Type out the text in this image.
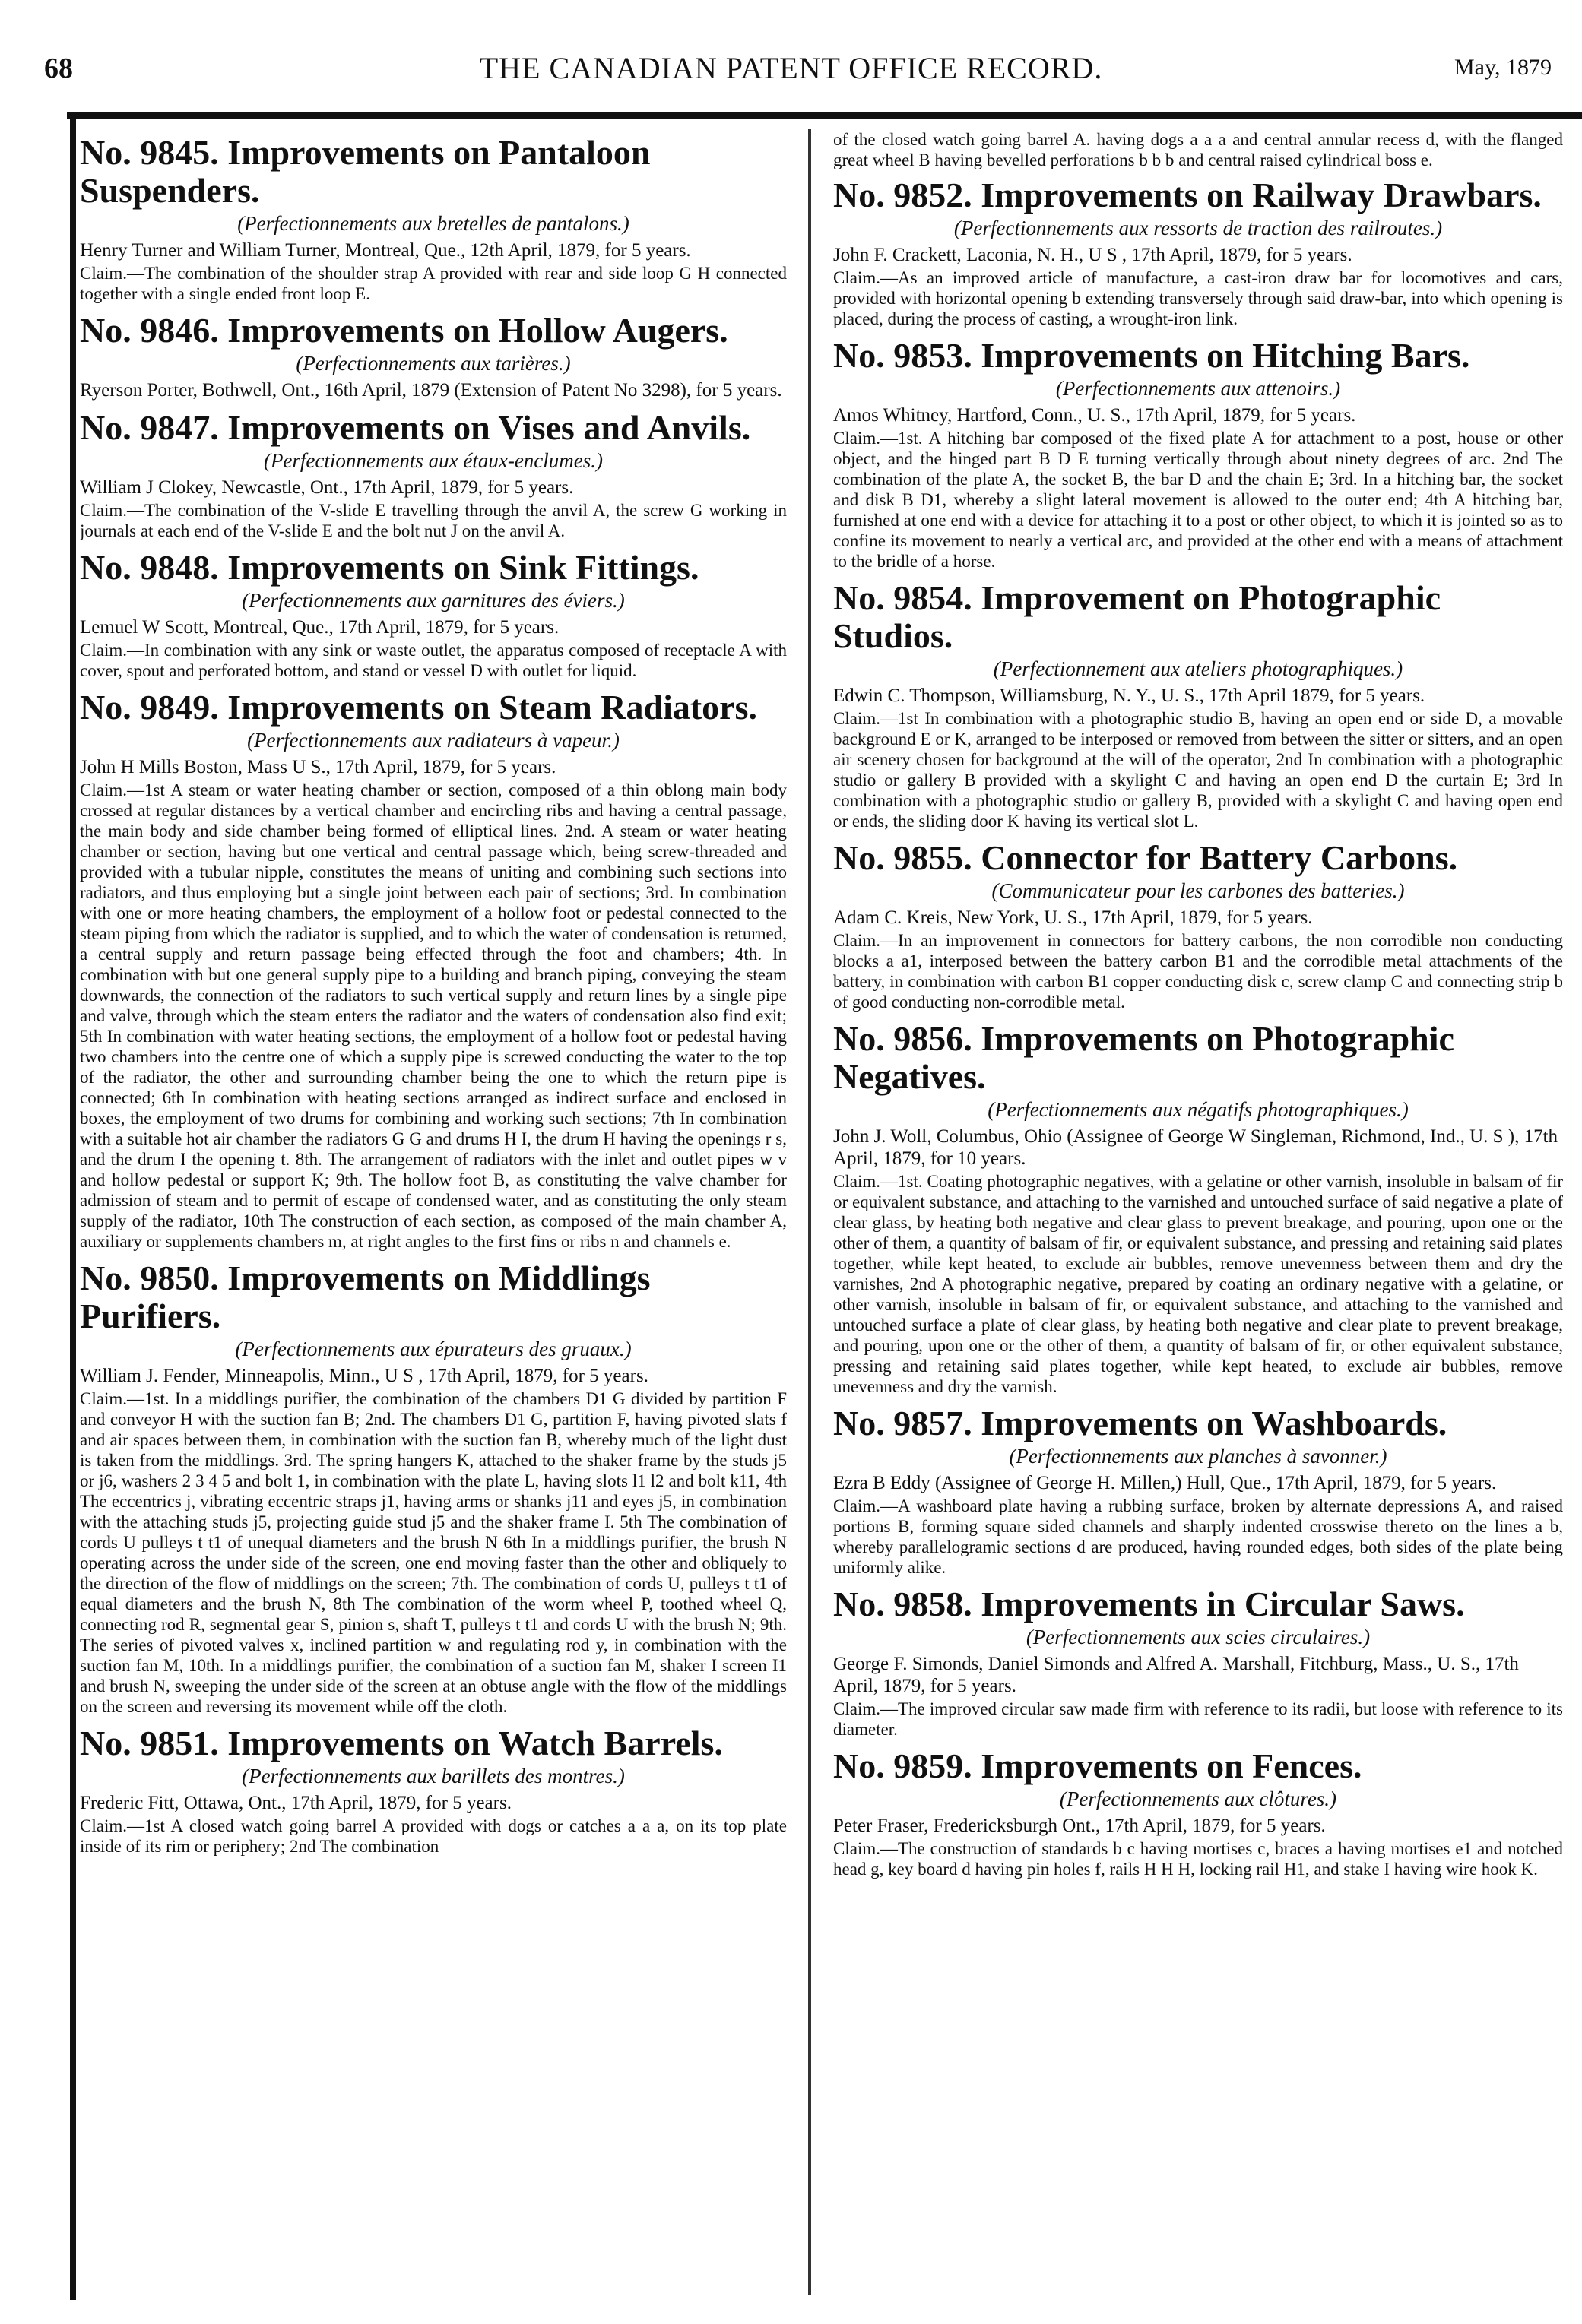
68	THE CANADIAN PATENT OFFICE RECORD.	May, 1879
No. 9845. Improvements on Pantaloon Suspenders.
(Perfectionnements aux bretelles de pantalons.)
Henry Turner and William Turner, Montreal, Que., 12th April, 1879, for 5 years.
Claim.—The combination of the shoulder strap A provided with rear and side loop G H connected together with a single ended front loop E.
No. 9846. Improvements on Hollow Augers.
(Perfectionnements aux tarières.)
Ryerson Porter, Bothwell, Ont., 16th April, 1879 (Extension of Patent No 3298), for 5 years.
No. 9847. Improvements on Vises and Anvils.
(Perfectionnements aux étaux-enclumes.)
William J Clokey, Newcastle, Ont., 17th April, 1879, for 5 years.
Claim.—The combination of the V-slide E travelling through the anvil A, the screw G working in journals at each end of the V-slide E and the bolt nut J on the anvil A.
No. 9848. Improvements on Sink Fittings.
(Perfectionnements aux garnitures des éviers.)
Lemuel W Scott, Montreal, Que., 17th April, 1879, for 5 years.
Claim.—In combination with any sink or waste outlet, the apparatus composed of receptacle A with cover, spout and perforated bottom, and stand or vessel D with outlet for liquid.
No. 9849. Improvements on Steam Radiators.
(Perfectionnements aux radiateurs à vapeur.)
John H Mills Boston, Mass U S., 17th April, 1879, for 5 years.
Claim.—1st A steam or water heating chamber or section, composed of a thin oblong main body crossed at regular distances by a vertical chamber and encircling ribs and having a central passage, the main body and side chamber being formed of elliptical lines. 2nd. A steam or water heating chamber or section, having but one vertical and central passage which, being screw-threaded and provided with a tubular nipple, constitutes the means of uniting and combining such sections into radiators, and thus employing but a single joint between each pair of sections; 3rd. In combination with one or more heating chambers, the employment of a hollow foot or pedestal connected to the steam piping from which the radiator is supplied, and to which the water of condensation is returned, a central supply and return passage being effected through the foot and chambers; 4th. In combination with but one general supply pipe to a building and branch piping, conveying the steam downwards, the connection of the radiators to such vertical supply and return lines by a single pipe and valve, through which the steam enters the radiator and the waters of condensation also find exit; 5th In combination with water heating sections, the employment of a hollow foot or pedestal having two chambers into the centre one of which a supply pipe is screwed conducting the water to the top of the radiator, the other and surrounding chamber being the one to which the return pipe is connected; 6th In combination with heating sections arranged as indirect surface and enclosed in boxes, the employment of two drums for combining and working such sections; 7th In combination with a suitable hot air chamber the radiators G G and drums H I, the drum H having the openings r s, and the drum I the opening t. 8th. The arrangement of radiators with the inlet and outlet pipes w v and hollow pedestal or support K; 9th. The hollow foot B, as constituting the valve chamber for admission of steam and to permit of escape of condensed water, and as constituting the only steam supply of the radiator, 10th The construction of each section, as composed of the main chamber A, auxiliary or supplements chambers m, at right angles to the first fins or ribs n and channels e.
No. 9850. Improvements on Middlings Purifiers.
(Perfectionnements aux épurateurs des gruaux.)
William J. Fender, Minneapolis, Minn., U S , 17th April, 1879, for 5 years.
Claim.—1st. In a middlings purifier, the combination of the chambers D1 G divided by partition F and conveyor H with the suction fan B; 2nd. The chambers D1 G, partition F, having pivoted slats f and air spaces between them, in combination with the suction fan B, whereby much of the light dust is taken from the middlings. 3rd. The spring hangers K, attached to the shaker frame by the studs j5 or j6, washers 2 3 4 5 and bolt 1, in combination with the plate L, having slots l1 l2 and bolt k11, 4th The eccentrics j, vibrating eccentric straps j1, having arms or shanks j11 and eyes j5, in combination with the attaching studs j5, projecting guide stud j5 and the shaker frame I. 5th The combination of cords U pulleys t t1 of unequal diameters and the brush N 6th In a middlings purifier, the brush N operating across the under side of the screen, one end moving faster than the other and obliquely to the direction of the flow of middlings on the screen; 7th. The combination of cords U, pulleys t t1 of equal diameters and the brush N, 8th The combination of the worm wheel P, toothed wheel Q, connecting rod R, segmental gear S, pinion s, shaft T, pulleys t t1 and cords U with the brush N; 9th. The series of pivoted valves x, inclined partition w and regulating rod y, in combination with the suction fan M, 10th. In a middlings purifier, the combination of a suction fan M, shaker I screen I1 and brush N, sweeping the under side of the screen at an obtuse angle with the flow of the middlings on the screen and reversing its movement while off the cloth.
No. 9851. Improvements on Watch Barrels.
(Perfectionnements aux barillets des montres.)
Frederic Fitt, Ottawa, Ont., 17th April, 1879, for 5 years.
Claim.—1st A closed watch going barrel A provided with dogs or catches a a a, on its top plate inside of its rim or periphery; 2nd The combination
of the closed watch going barrel A. having dogs a a a and central annular recess d, with the flanged great wheel B having bevelled perforations b b b and central raised cylindrical boss e.
No. 9852. Improvements on Railway Drawbars.
(Perfectionnements aux ressorts de traction des railroutes.)
John F. Crackett, Laconia, N. H., U S , 17th April, 1879, for 5 years.
Claim.—As an improved article of manufacture, a cast-iron draw bar for locomotives and cars, provided with horizontal opening b extending transversely through said draw-bar, into which opening is placed, during the process of casting, a wrought-iron link.
No. 9853. Improvements on Hitching Bars.
(Perfectionnements aux attenoirs.)
Amos Whitney, Hartford, Conn., U. S., 17th April, 1879, for 5 years.
Claim.—1st. A hitching bar composed of the fixed plate A for attachment to a post, house or other object, and the hinged part B D E turning vertically through about ninety degrees of arc. 2nd The combination of the plate A, the socket B, the bar D and the chain E; 3rd. In a hitching bar, the socket and disk B D1, whereby a slight lateral movement is allowed to the outer end; 4th A hitching bar, furnished at one end with a device for attaching it to a post or other object, to which it is jointed so as to confine its movement to nearly a vertical arc, and provided at the other end with a means of attachment to the bridle of a horse.
No. 9854. Improvement on Photographic Studios.
(Perfectionnement aux ateliers photographiques.)
Edwin C. Thompson, Williamsburg, N. Y., U. S., 17th April 1879, for 5 years.
Claim.—1st In combination with a photographic studio B, having an open end or side D, a movable background E or K, arranged to be interposed or removed from between the sitter or sitters, and an open air scenery chosen for background at the will of the operator, 2nd In combination with a photographic studio or gallery B provided with a skylight C and having an open end D the curtain E; 3rd In combination with a photographic studio or gallery B, provided with a skylight C and having open end or ends, the sliding door K having its vertical slot L.
No. 9855. Connector for Battery Carbons.
(Communicateur pour les carbones des batteries.)
Adam C. Kreis, New York, U. S., 17th April, 1879, for 5 years.
Claim.—In an improvement in connectors for battery carbons, the non corrodible non conducting blocks a a1, interposed between the battery carbon B1 and the corrodible metal attachments of the battery, in combination with carbon B1 copper conducting disk c, screw clamp C and connecting strip b of good conducting non-corrodible metal.
No. 9856. Improvements on Photographic Negatives.
(Perfectionnements aux négatifs photographiques.)
John J. Woll, Columbus, Ohio (Assignee of George W Singleman, Richmond, Ind., U. S ), 17th April, 1879, for 10 years.
Claim.—1st. Coating photographic negatives, with a gelatine or other varnish, insoluble in balsam of fir or equivalent substance, and attaching to the varnished and untouched surface of said negative a plate of clear glass, by heating both negative and clear glass to prevent breakage, and pouring, upon one or the other of them, a quantity of balsam of fir, or equivalent substance, and pressing and retaining said plates together, while kept heated, to exclude air bubbles, remove unevenness between them and dry the varnishes, 2nd A photographic negative, prepared by coating an ordinary negative with a gelatine, or other varnish, insoluble in balsam of fir, or equivalent substance, and attaching to the varnished and untouched surface a plate of clear glass, by heating both negative and clear plate to prevent breakage, and pouring, upon one or the other of them, a quantity of balsam of fir, or other equivalent substance, pressing and retaining said plates together, while kept heated, to exclude air bubbles, remove unevenness and dry the varnish.
No. 9857. Improvements on Washboards.
(Perfectionnements aux planches à savonner.)
Ezra B Eddy (Assignee of George H. Millen,) Hull, Que., 17th April, 1879, for 5 years.
Claim.—A washboard plate having a rubbing surface, broken by alternate depressions A, and raised portions B, forming square sided channels and sharply indented crosswise thereto on the lines a b, whereby parallelogramic sections d are produced, having rounded edges, both sides of the plate being uniformly alike.
No. 9858. Improvements in Circular Saws.
(Perfectionnements aux scies circulaires.)
George F. Simonds, Daniel Simonds and Alfred A. Marshall, Fitchburg, Mass., U. S., 17th April, 1879, for 5 years.
Claim.—The improved circular saw made firm with reference to its radii, but loose with reference to its diameter.
No. 9859. Improvements on Fences.
(Perfectionnements aux clôtures.)
Peter Fraser, Fredericksburgh Ont., 17th April, 1879, for 5 years.
Claim.—The construction of standards b c having mortises c, braces a having mortises e1 and notched head g, key board d having pin holes f, rails H H H, locking rail H1, and stake I having wire hook K.
